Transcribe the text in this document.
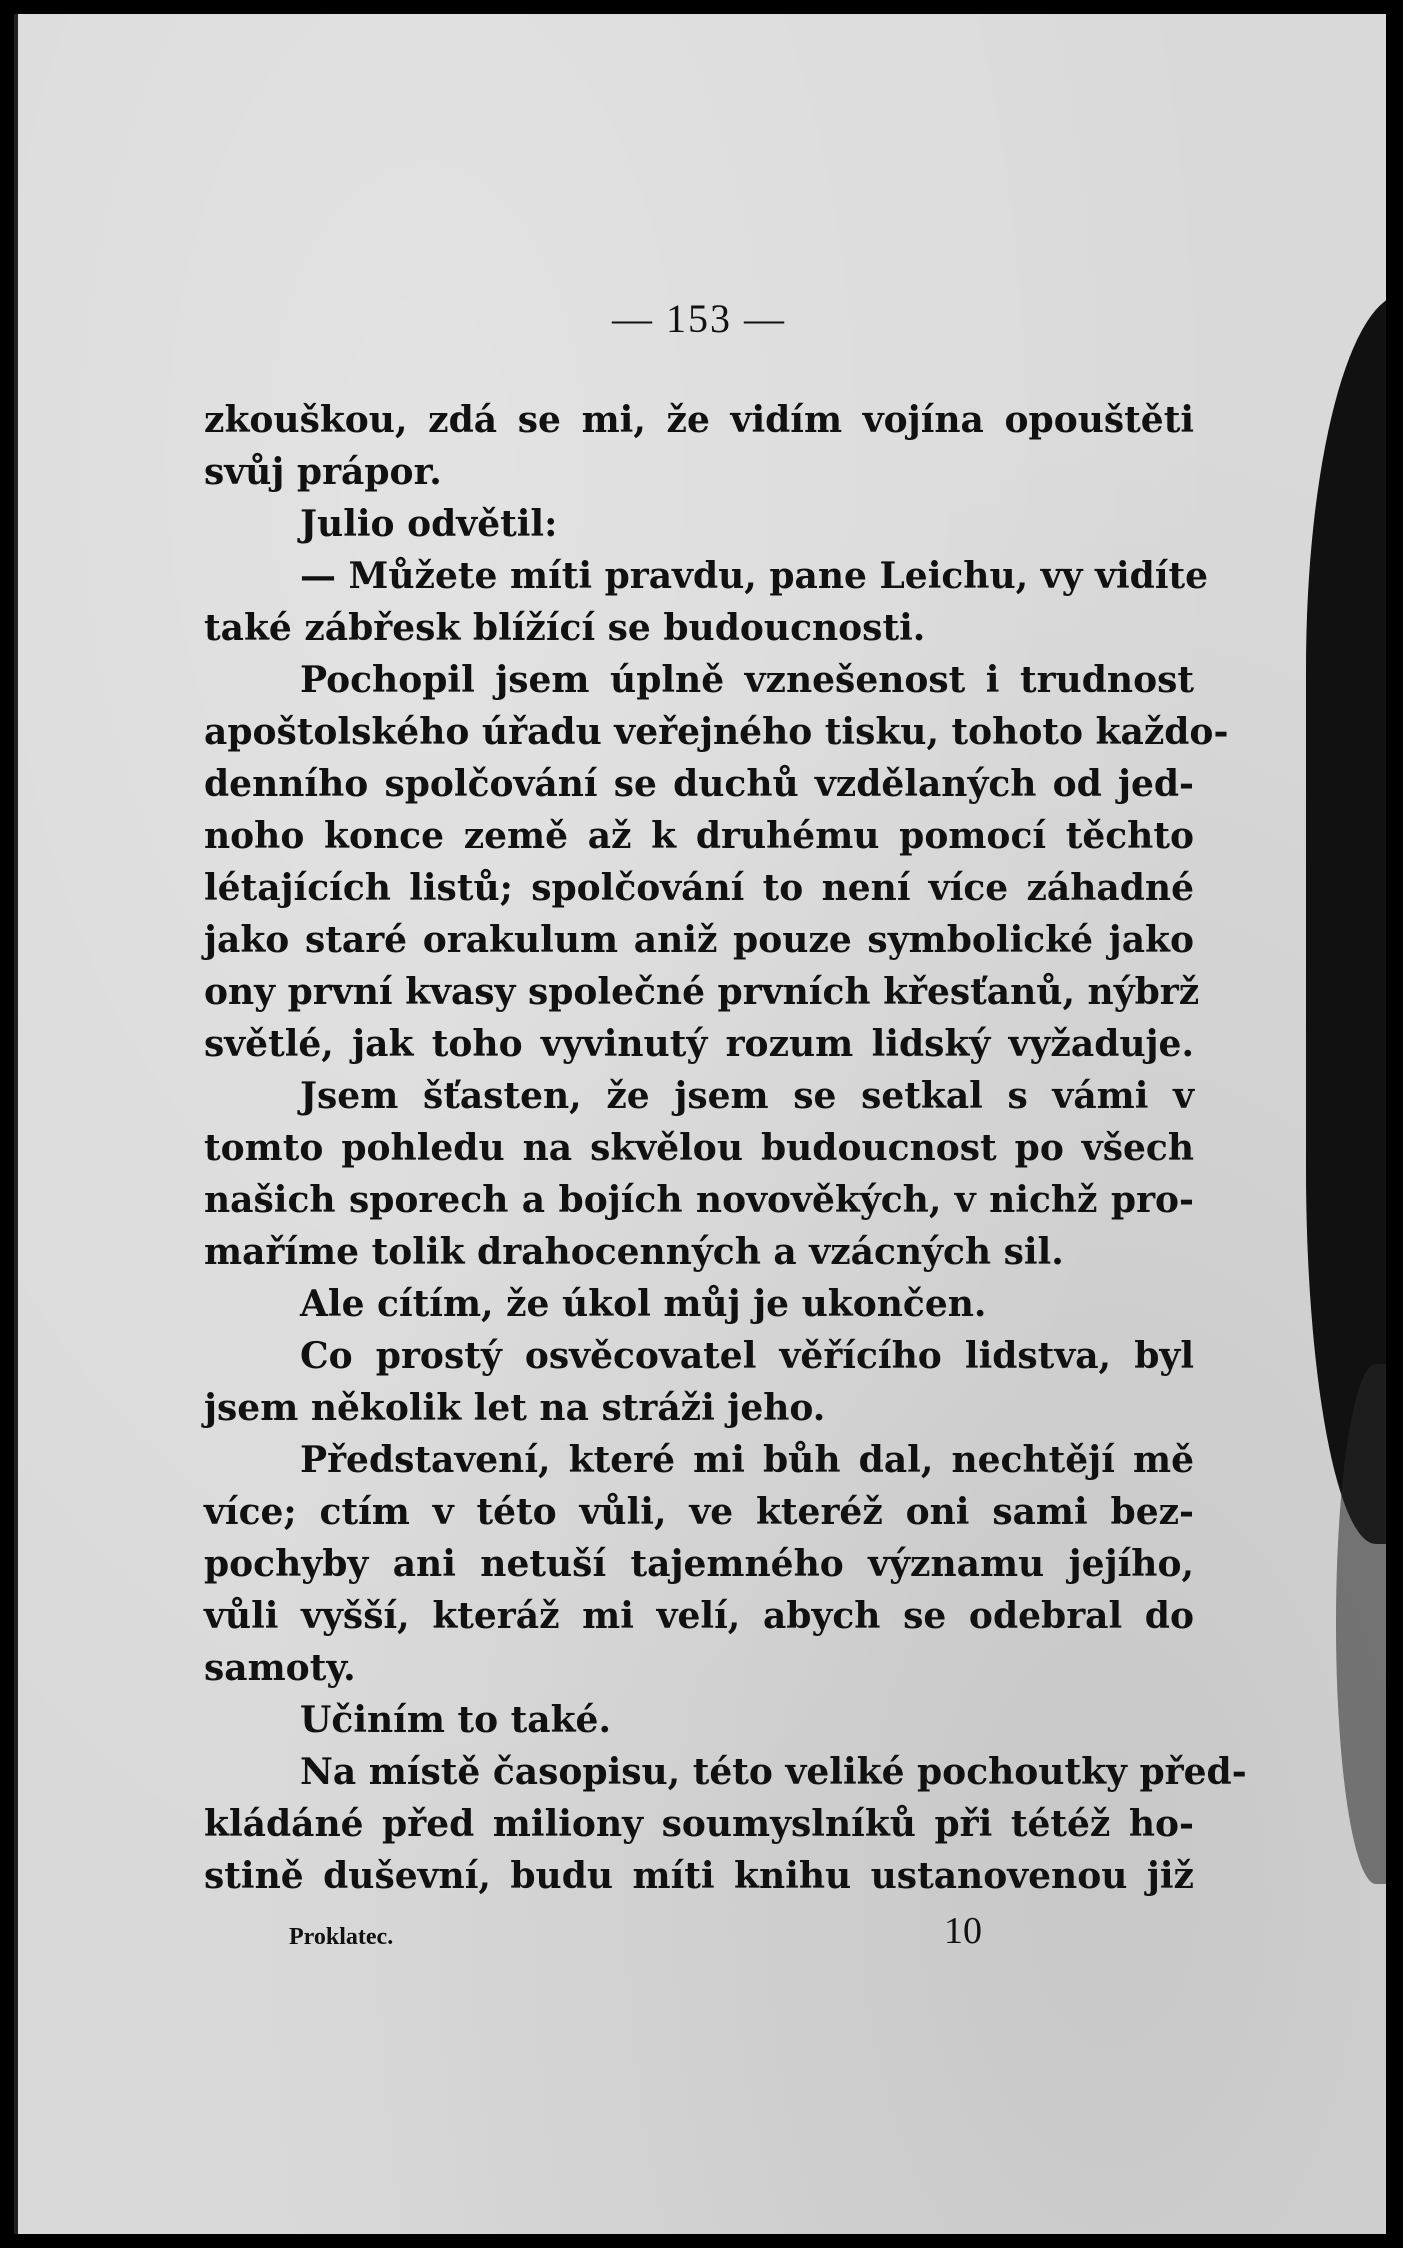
— 153 —
zkouškou, zdá se mi, že vidím vojína opouštěti
svůj prápor.
Julio odvětil:
— Můžete míti pravdu, pane Leichu, vy vidíte
také zábřesk blížící se budoucnosti.
Pochopil jsem úplně vznešenost i trudnost
apoštolského úřadu veřejného tisku, tohoto každo-
denního spolčování se duchů vzdělaných od jed-
noho konce země až k druhému pomocí těchto
létajících listů; spolčování to není více záhadné
jako staré orakulum aniž pouze symbolické jako
ony první kvasy společné prvních křesťanů, nýbrž
světlé, jak toho vyvinutý rozum lidský vyžaduje.
Jsem šťasten, že jsem se setkal s vámi v
tomto pohledu na skvělou budoucnost po všech
našich sporech a bojích novověkých, v nichž pro-
maříme tolik drahocenných a vzácných sil.
Ale cítím, že úkol můj je ukončen.
Co prostý osvěcovatel věřícího lidstva, byl
jsem několik let na stráži jeho.
Představení, které mi bůh dal, nechtějí mě
více; ctím v této vůli, ve kteréž oni sami bez-
pochyby ani netuší tajemného významu jejího,
vůli vyšší, kteráž mi velí, abych se odebral do
samoty.
Učiním to také.
Na místě časopisu, této veliké pochoutky před-
kládáné před miliony soumyslníků při tétéž ho-
stině duševní, budu míti knihu ustanovenou již
Proklatec.	10
